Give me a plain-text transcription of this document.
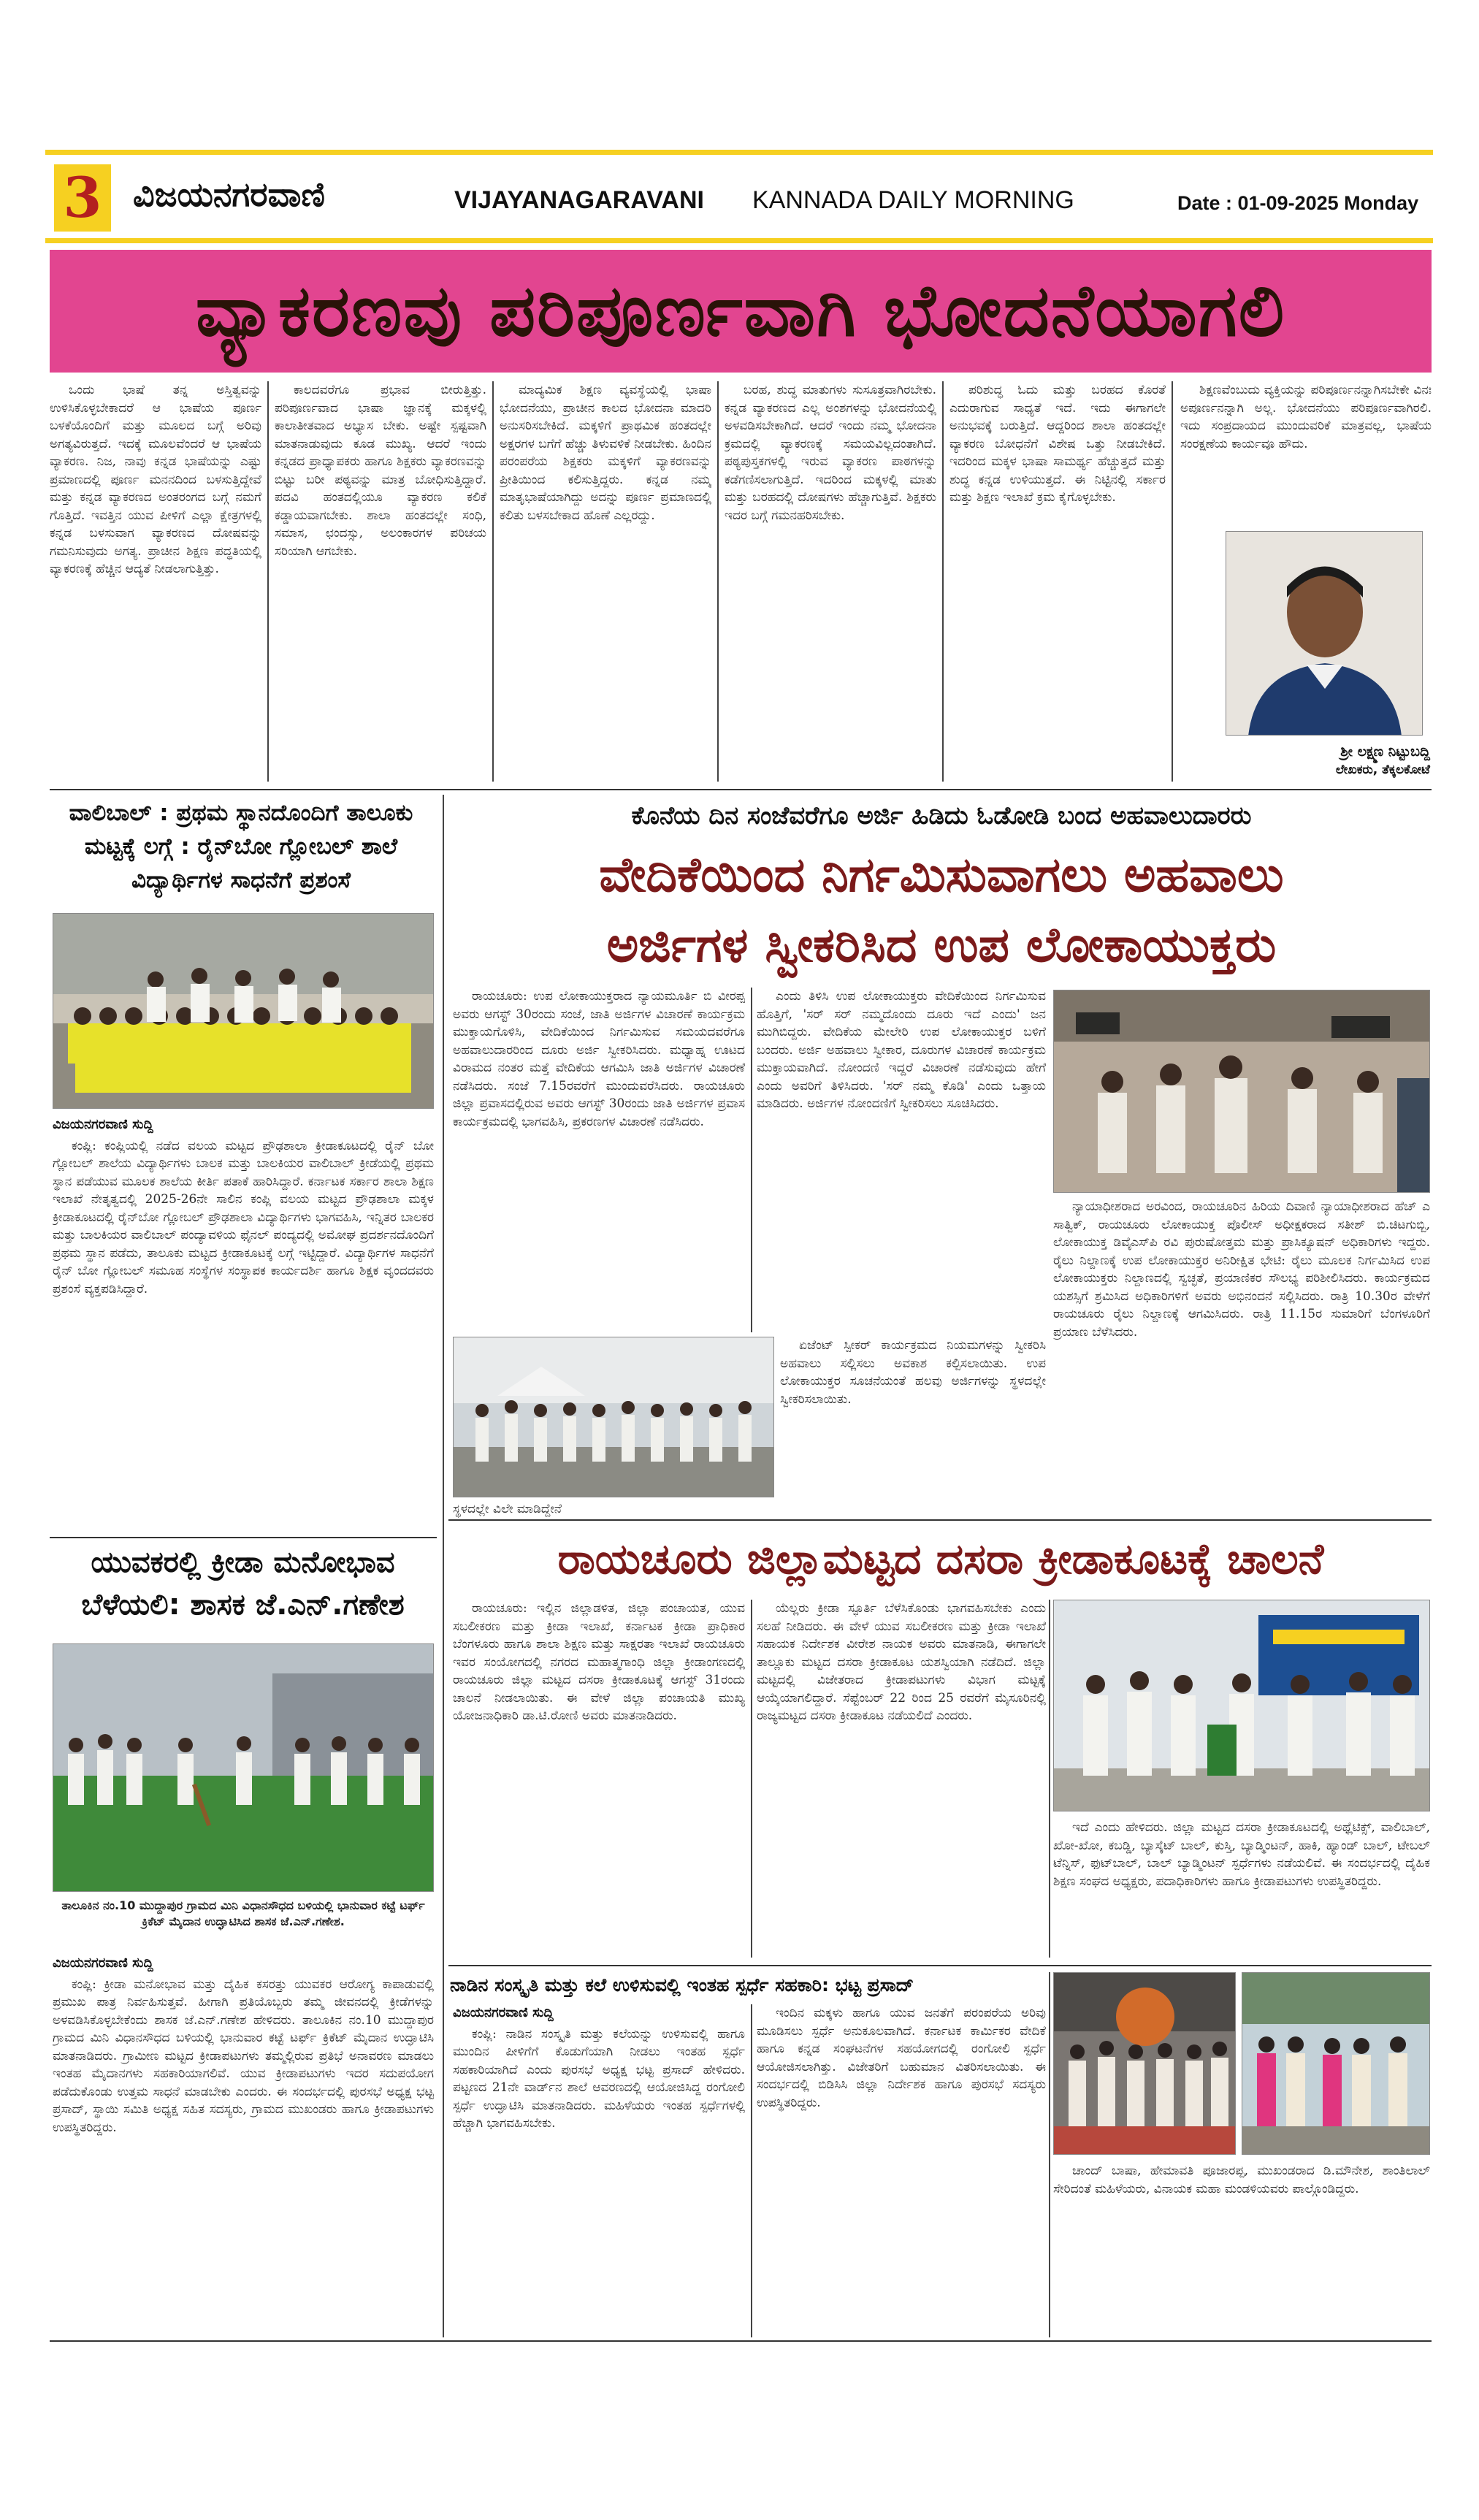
3 ವಿಜಯನಗರವಾಣಿ	VIJAYANAGARAVANI KANNADA DAILY MORNING	Date : 01-09-2025 Monday
ವ್ಯಾಕರಣವು ಪರಿಪೂರ್ಣವಾಗಿ ಭೋದನೆಯಾಗಲಿ

ಒಂದು ಭಾಷೆ ತನ್ನ ಅಸ್ತಿತ್ವವನ್ನು ಉಳಿಸಿಕೊಳ್ಳಬೇಕಾದರೆ ಆ ಭಾಷೆಯ ಪೂರ್ಣ ಬಳಕೆಯೊಂದಿಗೆ ಮತ್ತು ಮೂಲದ ಬಗ್ಗೆ ಅರಿವು ಅಗತ್ಯವಿರುತ್ತದೆ. ಇದಕ್ಕೆ ಮೂಲವೆಂದರೆ ಆ ಭಾಷೆಯ ವ್ಯಾಕರಣ. ನಿಜ, ನಾವು ಕನ್ನಡ ಭಾಷೆಯನ್ನು ಎಷ್ಟು ಪ್ರಮಾಣದಲ್ಲಿ ಪೂರ್ಣ ಮನನದಿಂದ ಬಳಸುತ್ತಿದ್ದೇವೆ ಮತ್ತು ಕನ್ನಡ ವ್ಯಾಕರಣದ ಅಂತರಂಗದ ಬಗ್ಗೆ ನಮಗೆ ಗೊತ್ತಿದೆ. ಇವತ್ತಿನ ಯುವ ಪೀಳಿಗೆ ಎಲ್ಲಾ ಕ್ಷೇತ್ರಗಳಲ್ಲಿ ಕನ್ನಡ ಬಳಸುವಾಗ ವ್ಯಾಕರಣದ ದೋಷವನ್ನು ಗಮನಿಸುವುದು ಅಗತ್ಯ. ಪ್ರಾಚೀನ ಶಿಕ್ಷಣ ಪದ್ಧತಿಯಲ್ಲಿ ವ್ಯಾಕರಣಕ್ಕೆ ಹೆಚ್ಚಿನ ಆದ್ಯತೆ ನೀಡಲಾಗುತ್ತಿತ್ತು.

ಕಾಲದವರೆಗೂ ಪ್ರಭಾವ ಬೀರುತ್ತಿತ್ತು. ಪರಿಪೂರ್ಣವಾದ ಭಾಷಾ ಜ್ಞಾನಕ್ಕೆ ಮಕ್ಕಳಲ್ಲಿ ಕಾಲಾತೀತವಾದ ಅಭ್ಯಾಸ ಬೇಕು. ಅಷ್ಟೇ ಸ್ಪಷ್ಟವಾಗಿ ಮಾತನಾಡುವುದು ಕೂಡ ಮುಖ್ಯ. ಆದರೆ ಇಂದು ಕನ್ನಡದ ಪ್ರಾಧ್ಯಾಪಕರು ಹಾಗೂ ಶಿಕ್ಷಕರು ವ್ಯಾಕರಣವನ್ನು ಬಿಟ್ಟು ಬರೀ ಪಠ್ಯವನ್ನು ಮಾತ್ರ ಬೋಧಿಸುತ್ತಿದ್ದಾರೆ. ಪದವಿ ಹಂತದಲ್ಲಿಯೂ ವ್ಯಾಕರಣ ಕಲಿಕೆ ಕಡ್ಡಾಯವಾಗಬೇಕು. ಶಾಲಾ ಹಂತದಲ್ಲೇ ಸಂಧಿ, ಸಮಾಸ, ಛಂದಸ್ಸು, ಅಲಂಕಾರಗಳ ಪರಿಚಯ ಸರಿಯಾಗಿ ಆಗಬೇಕು.

ಮಾದ್ಯಮಿಕ ಶಿಕ್ಷಣ ವ್ಯವಸ್ಥೆಯಲ್ಲಿ ಭಾಷಾ ಭೋದನೆಯು, ಪ್ರಾಚೀನ ಕಾಲದ ಭೋದನಾ ಮಾದರಿ ಅನುಸರಿಸಬೇಕಿದೆ. ಮಕ್ಕಳಿಗೆ ಪ್ರಾಥಮಿಕ ಹಂತದಲ್ಲೇ ಅಕ್ಷರಗಳ ಬಗೆಗೆ ಹೆಚ್ಚು ತಿಳುವಳಿಕೆ ನೀಡಬೇಕು. ಹಿಂದಿನ ಪರಂಪರೆಯ ಶಿಕ್ಷಕರು ಮಕ್ಕಳಿಗೆ ವ್ಯಾಕರಣವನ್ನು ಪ್ರೀತಿಯಿಂದ ಕಲಿಸುತ್ತಿದ್ದರು. ಕನ್ನಡ ನಮ್ಮ ಮಾತೃಭಾಷೆಯಾಗಿದ್ದು ಅದನ್ನು ಪೂರ್ಣ ಪ್ರಮಾಣದಲ್ಲಿ ಕಲಿತು ಬಳಸಬೇಕಾದ ಹೊಣೆ ಎಲ್ಲರದ್ದು.

ಬರಹ, ಶುದ್ಧ ಮಾತುಗಳು ಸುಸೂತ್ರವಾಗಿರಬೇಕು. ಕನ್ನಡ ವ್ಯಾಕರಣದ ಎಲ್ಲ ಅಂಶಗಳನ್ನು ಭೋದನೆಯಲ್ಲಿ ಅಳವಡಿಸಬೇಕಾಗಿದೆ. ಆದರೆ ಇಂದು ನಮ್ಮ ಭೋದನಾ ಕ್ರಮದಲ್ಲಿ ವ್ಯಾಕರಣಕ್ಕೆ ಸಮಯವಿಲ್ಲದಂತಾಗಿದೆ. ಪಠ್ಯಪುಸ್ತಕಗಳಲ್ಲಿ ಇರುವ ವ್ಯಾಕರಣ ಪಾಠಗಳನ್ನು ಕಡೆಗಣಿಸಲಾಗುತ್ತಿದೆ. ಇದರಿಂದ ಮಕ್ಕಳಲ್ಲಿ ಮಾತು ಮತ್ತು ಬರಹದಲ್ಲಿ ದೋಷಗಳು ಹೆಚ್ಚಾಗುತ್ತಿವೆ. ಶಿಕ್ಷಕರು ಇದರ ಬಗ್ಗೆ ಗಮನಹರಿಸಬೇಕು.

ಪರಿಶುದ್ಧ ಓದು ಮತ್ತು ಬರಹದ ಕೊರತೆ ಎದುರಾಗುವ ಸಾಧ್ಯತೆ ಇದೆ. ಇದು ಈಗಾಗಲೇ ಅನುಭವಕ್ಕೆ ಬರುತ್ತಿದೆ. ಆದ್ದರಿಂದ ಶಾಲಾ ಹಂತದಲ್ಲೇ ವ್ಯಾಕರಣ ಬೋಧನೆಗೆ ವಿಶೇಷ ಒತ್ತು ನೀಡಬೇಕಿದೆ. ಇದರಿಂದ ಮಕ್ಕಳ ಭಾಷಾ ಸಾಮರ್ಥ್ಯ ಹೆಚ್ಚುತ್ತದೆ ಮತ್ತು ಶುದ್ಧ ಕನ್ನಡ ಉಳಿಯುತ್ತದೆ. ಈ ನಿಟ್ಟಿನಲ್ಲಿ ಸರ್ಕಾರ ಮತ್ತು ಶಿಕ್ಷಣ ಇಲಾಖೆ ಕ್ರಮ ಕೈಗೊಳ್ಳಬೇಕು.

ಶಿಕ್ಷಣವೆಂಬುದು ವ್ಯಕ್ತಿಯನ್ನು ಪರಿಪೂರ್ಣನನ್ನಾಗಿಸಬೇಕೇ ವಿನಃ ಅಪೂರ್ಣನನ್ನಾಗಿ ಅಲ್ಲ. ಭೋದನೆಯು ಪರಿಪೂರ್ಣವಾಗಿರಲಿ. ಇದು ಸಂಪ್ರದಾಯದ ಮುಂದುವರಿಕೆ ಮಾತ್ರವಲ್ಲ, ಭಾಷೆಯ ಸಂರಕ್ಷಣೆಯ ಕಾರ್ಯವೂ ಹೌದು.

ಶ್ರೀ ಲಕ್ಷ್ಮಣ ನಿಟ್ಟುಬದ್ದಿ
ಲೇಖಕರು, ತೆಕ್ಕಲಕೋಟೆ
ವಾಲಿಬಾಲ್ : ಪ್ರಥಮ ಸ್ಥಾನದೊಂದಿಗೆ ತಾಲೂಕು ಮಟ್ಟಕ್ಕೆ ಲಗ್ಗೆ : ರೈನ್‌ಬೋ ಗ್ಲೋಬಲ್ ಶಾಲೆ ವಿದ್ಯಾರ್ಥಿಗಳ ಸಾಧನೆಗೆ ಪ್ರಶಂಸೆ
ವಿಜಯನಗರವಾಣಿ ಸುದ್ದಿ

ಕಂಪ್ಲಿ: ಕಂಪ್ಲಿಯಲ್ಲಿ ನಡೆದ ವಲಯ ಮಟ್ಟದ ಪ್ರೌಢಶಾಲಾ ಕ್ರೀಡಾಕೂಟದಲ್ಲಿ ರೈನ್ ಬೋ ಗ್ಲೋಬಲ್ ಶಾಲೆಯ ವಿದ್ಯಾರ್ಥಿಗಳು ಬಾಲಕ ಮತ್ತು ಬಾಲಕಿಯರ ವಾಲಿಬಾಲ್ ಕ್ರೀಡೆಯಲ್ಲಿ ಪ್ರಥಮ ಸ್ಥಾನ ಪಡೆಯುವ ಮೂಲಕ ಶಾಲೆಯ ಕೀರ್ತಿ ಪತಾಕೆ ಹಾರಿಸಿದ್ದಾರೆ. ಕರ್ನಾಟಕ ಸರ್ಕಾರ ಶಾಲಾ ಶಿಕ್ಷಣ ಇಲಾಖೆ ನೇತೃತ್ವದಲ್ಲಿ 2025-26ನೇ ಸಾಲಿನ ಕಂಪ್ಲಿ ವಲಯ ಮಟ್ಟದ ಪ್ರೌಢಶಾಲಾ ಮಕ್ಕಳ ಕ್ರೀಡಾಕೂಟದಲ್ಲಿ ರೈನ್‌ಬೋ ಗ್ಲೋಬಲ್ ಪ್ರೌಢಶಾಲಾ ವಿದ್ಯಾರ್ಥಿಗಳು ಭಾಗವಹಿಸಿ, ಇನ್ನಿತರ ಬಾಲಕರ ಮತ್ತು ಬಾಲಕಿಯರ ವಾಲಿಬಾಲ್ ಪಂದ್ಯಾವಳಿಯ ಫೈನಲ್ ಪಂದ್ಯದಲ್ಲಿ ಅಮೋಘ ಪ್ರದರ್ಶನದೊಂದಿಗೆ ಪ್ರಥಮ ಸ್ಥಾನ ಪಡೆದು, ತಾಲೂಕು ಮಟ್ಟದ ಕ್ರೀಡಾಕೂಟಕ್ಕೆ ಲಗ್ಗೆ ಇಟ್ಟಿದ್ದಾರೆ. ವಿದ್ಯಾರ್ಥಿಗಳ ಸಾಧನೆಗೆ ರೈನ್ ಬೋ ಗ್ಲೋಬಲ್ ಸಮೂಹ ಸಂಸ್ಥೆಗಳ ಸಂಸ್ಥಾಪಕ ಕಾರ್ಯದರ್ಶಿ ಹಾಗೂ ಶಿಕ್ಷಕ ವೃಂದದವರು ಪ್ರಶಂಸೆ ವ್ಯಕ್ತಪಡಿಸಿದ್ದಾರೆ.

ಯುವಕರಲ್ಲಿ ಕ್ರೀಡಾ ಮನೋಭಾವ ಬೆಳೆಯಲಿ: ಶಾಸಕ ಜೆ.ಎನ್.ಗಣೇಶ
ತಾಲೂಕಿನ ನಂ.10 ಮುದ್ದಾಪುರ ಗ್ರಾಮದ ಮಿನಿ ವಿಧಾನಸೌಧದ ಬಳಿಯಲ್ಲಿ ಭಾನುವಾರ ಕಟ್ಟೆ ಟರ್ಫ್ ಕ್ರಿಕೆಟ್ ಮೈದಾನ ಉದ್ಘಾಟಿಸಿದ ಶಾಸಕ ಜೆ.ಎನ್.ಗಣೇಶ.
ವಿಜಯನಗರವಾಣಿ ಸುದ್ದಿ

ಕಂಪ್ಲಿ: ಕ್ರೀಡಾ ಮನೋಭಾವ ಮತ್ತು ದೈಹಿಕ ಕಸರತ್ತು ಯುವಕರ ಆರೋಗ್ಯ ಕಾಪಾಡುವಲ್ಲಿ ಪ್ರಮುಖ ಪಾತ್ರ ನಿರ್ವಹಿಸುತ್ತವೆ. ಹೀಗಾಗಿ ಪ್ರತಿಯೊಬ್ಬರು ತಮ್ಮ ಜೀವನದಲ್ಲಿ ಕ್ರೀಡೆಗಳನ್ನು ಅಳವಡಿಸಿಕೊಳ್ಳಬೇಕೆಂದು ಶಾಸಕ ಜೆ.ಎನ್.ಗಣೇಶ ಹೇಳಿದರು. ತಾಲೂಕಿನ ನಂ.10 ಮುದ್ದಾಪುರ ಗ್ರಾಮದ ಮಿನಿ ವಿಧಾನಸೌಧದ ಬಳಿಯಲ್ಲಿ ಭಾನುವಾರ ಕಟ್ಟೆ ಟರ್ಫ್ ಕ್ರಿಕೆಟ್ ಮೈದಾನ ಉದ್ಘಾಟಿಸಿ ಮಾತನಾಡಿದರು. ಗ್ರಾಮೀಣ ಮಟ್ಟದ ಕ್ರೀಡಾಪಟುಗಳು ತಮ್ಮಲ್ಲಿರುವ ಪ್ರತಿಭೆ ಅನಾವರಣ ಮಾಡಲು ಇಂತಹ ಮೈದಾನಗಳು ಸಹಕಾರಿಯಾಗಲಿವೆ. ಯುವ ಕ್ರೀಡಾಪಟುಗಳು ಇದರ ಸದುಪಯೋಗ ಪಡೆದುಕೊಂಡು ಉತ್ತಮ ಸಾಧನೆ ಮಾಡಬೇಕು ಎಂದರು. ಈ ಸಂದರ್ಭದಲ್ಲಿ ಪುರಸಭೆ ಅಧ್ಯಕ್ಷ ಭಟ್ಟ ಪ್ರಸಾದ್, ಸ್ಥಾಯಿ ಸಮಿತಿ ಅಧ್ಯಕ್ಷ ಸಹಿತ ಸದಸ್ಯರು, ಗ್ರಾಮದ ಮುಖಂಡರು ಹಾಗೂ ಕ್ರೀಡಾಪಟುಗಳು ಉಪಸ್ಥಿತರಿದ್ದರು.

ಕೊನೆಯ ದಿನ ಸಂಜೆವರೆಗೂ ಅರ್ಜಿ ಹಿಡಿದು ಓಡೋಡಿ ಬಂದ ಅಹವಾಲುದಾರರು
ವೇದಿಕೆಯಿಂದ ನಿರ್ಗಮಿಸುವಾಗಲು ಅಹವಾಲು
ಅರ್ಜಿಗಳ ಸ್ವೀಕರಿಸಿದ ಉಪ ಲೋಕಾಯುಕ್ತರು

ರಾಯಚೂರು: ಉಪ ಲೋಕಾಯುಕ್ತರಾದ ನ್ಯಾಯಮೂರ್ತಿ ಬಿ ವೀರಪ್ಪ ಅವರು ಆಗಸ್ಟ್ 30ರಂದು ಸಂಜೆ, ಜಾತಿ ಅರ್ಜಿಗಳ ವಿಚಾರಣೆ ಕಾರ್ಯಕ್ರಮ ಮುಕ್ತಾಯಗೊಳಿಸಿ, ವೇದಿಕೆಯಿಂದ ನಿರ್ಗಮಿಸುವ ಸಮಯದವರೆಗೂ ಅಹವಾಲುದಾರರಿಂದ ದೂರು ಅರ್ಜಿ ಸ್ವೀಕರಿಸಿದರು. ಮಧ್ಯಾಹ್ನ ಊಟದ ವಿರಾಮದ ನಂತರ ಮತ್ತೆ ವೇದಿಕೆಯ ಆಗಮಿಸಿ ಜಾತಿ ಅರ್ಜಿಗಳ ವಿಚಾರಣೆ ನಡೆಸಿದರು. ಸಂಜೆ 7.15ರವರೆಗೆ ಮುಂದುವರೆಸಿದರು. ರಾಯಚೂರು ಜಿಲ್ಲಾ ಪ್ರವಾಸದಲ್ಲಿರುವ ಅವರು ಆಗಸ್ಟ್ 30ರಂದು ಜಾತಿ ಅರ್ಜಿಗಳ ಪ್ರವಾಸ ಕಾರ್ಯಕ್ರಮದಲ್ಲಿ ಭಾಗವಹಿಸಿ, ಪ್ರಕರಣಗಳ ವಿಚಾರಣೆ ನಡೆಸಿದರು.

ಎಂದು ತಿಳಿಸಿ ಉಪ ಲೋಕಾಯುಕ್ತರು ವೇದಿಕೆಯಿಂದ ನಿರ್ಗಮಿಸುವ ಹೊತ್ತಿಗೆ, 'ಸರ್ ಸರ್ ನಮ್ಮದೊಂದು ದೂರು ಇದೆ ಎಂದು' ಜನ ಮುಗಿಬಿದ್ದರು. ವೇದಿಕೆಯ ಮೇಲೇರಿ ಉಪ ಲೋಕಾಯುಕ್ತರ ಬಳಿಗೆ ಬಂದರು. ಅರ್ಜಿ ಅಹವಾಲು ಸ್ವೀಕಾರ, ದೂರುಗಳ ವಿಚಾರಣೆ ಕಾರ್ಯಕ್ರಮ ಮುಕ್ತಾಯವಾಗಿದೆ. ನೋಂದಣಿ ಇದ್ದರೆ ವಿಚಾರಣೆ ನಡೆಸುವುದು ಹೇಗೆ ಎಂದು ಅವರಿಗೆ ತಿಳಿಸಿದರು. 'ಸರ್ ನಮ್ಮ ಕೊಡಿ' ಎಂದು ಒತ್ತಾಯ ಮಾಡಿದರು. ಅರ್ಜಿಗಳ ನೋಂದಣಿಗೆ ಸ್ವೀಕರಿಸಲು ಸೂಚಿಸಿದರು.

ಏಜೆಂಟ್ ಸ್ಪೀಕರ್ ಕಾರ್ಯಕ್ರಮದ ನಿಯಮಗಳನ್ನು ಸ್ವೀಕರಿಸಿ ಅಹವಾಲು ಸಲ್ಲಿಸಲು ಅವಕಾಶ ಕಲ್ಪಿಸಲಾಯಿತು. ಉಪ ಲೋಕಾಯುಕ್ತರ ಸೂಚನೆಯಂತೆ ಹಲವು ಅರ್ಜಿಗಳನ್ನು ಸ್ಥಳದಲ್ಲೇ ಸ್ವೀಕರಿಸಲಾಯಿತು.

ಸ್ಥಳದಲ್ಲೇ ವಿಲೇ ಮಾಡಿದ್ದೇನೆ

ನ್ಯಾಯಾಧೀಶರಾದ ಅರವಿಂದ, ರಾಯಚೂರಿನ ಹಿರಿಯ ದಿವಾಣಿ ನ್ಯಾಯಾಧೀಶರಾದ ಹೆಚ್ ಎ ಸಾತ್ವಿಕ್, ರಾಯಚೂರು ಲೋಕಾಯುಕ್ತ ಪೊಲೀಸ್ ಅಧೀಕ್ಷಕರಾದ ಸತೀಶ್ ಬಿ.ಚಿಟಗುಬ್ಬಿ, ಲೋಕಾಯುಕ್ತ ಡಿವೈಎಸ್‌ಪಿ ರವಿ ಪುರುಷೋತ್ತಮ ಮತ್ತು ಪ್ರಾಸಿಕ್ಯೂಷನ್ ಅಧಿಕಾರಿಗಳು ಇದ್ದರು. ರೈಲು ನಿಲ್ದಾಣಕ್ಕೆ ಉಪ ಲೋಕಾಯುಕ್ತರ ಅನಿರೀಕ್ಷಿತ ಭೇಟಿ: ರೈಲು ಮೂಲಕ ನಿರ್ಗಮಿಸಿದ ಉಪ ಲೋಕಾಯುಕ್ತರು ನಿಲ್ದಾಣದಲ್ಲಿ ಸ್ವಚ್ಛತೆ, ಪ್ರಯಾಣಿಕರ ಸೌಲಭ್ಯ ಪರಿಶೀಲಿಸಿದರು. ಕಾರ್ಯಕ್ರಮದ ಯಶಸ್ಸಿಗೆ ಶ್ರಮಿಸಿದ ಅಧಿಕಾರಿಗಳಿಗೆ ಅವರು ಅಭಿನಂದನೆ ಸಲ್ಲಿಸಿದರು. ರಾತ್ರಿ 10.30ರ ವೇಳೆಗೆ ರಾಯಚೂರು ರೈಲು ನಿಲ್ದಾಣಕ್ಕೆ ಆಗಮಿಸಿದರು. ರಾತ್ರಿ 11.15ರ ಸುಮಾರಿಗೆ ಬೆಂಗಳೂರಿಗೆ ಪ್ರಯಾಣ ಬೆಳೆಸಿದರು.

ರಾಯಚೂರು ಜಿಲ್ಲಾಮಟ್ಟದ ದಸರಾ ಕ್ರೀಡಾಕೂಟಕ್ಕೆ ಚಾಲನೆ

ರಾಯಚೂರು: ಇಲ್ಲಿನ ಜಿಲ್ಲಾಡಳಿತ, ಜಿಲ್ಲಾ ಪಂಚಾಯತ, ಯುವ ಸಬಲೀಕರಣ ಮತ್ತು ಕ್ರೀಡಾ ಇಲಾಖೆ, ಕರ್ನಾಟಕ ಕ್ರೀಡಾ ಪ್ರಾಧಿಕಾರ ಬೆಂಗಳೂರು ಹಾಗೂ ಶಾಲಾ ಶಿಕ್ಷಣ ಮತ್ತು ಸಾಕ್ಷರತಾ ಇಲಾಖೆ ರಾಯಚೂರು ಇವರ ಸಂಯೋಗದಲ್ಲಿ ನಗರದ ಮಹಾತ್ಮಗಾಂಧಿ ಜಿಲ್ಲಾ ಕ್ರೀಡಾಂಗಣದಲ್ಲಿ ರಾಯಚೂರು ಜಿಲ್ಲಾ ಮಟ್ಟದ ದಸರಾ ಕ್ರೀಡಾಕೂಟಕ್ಕೆ ಆಗಸ್ಟ್ 31ರಂದು ಚಾಲನೆ ನೀಡಲಾಯಿತು. ಈ ವೇಳೆ ಜಿಲ್ಲಾ ಪಂಚಾಯತಿ ಮುಖ್ಯ ಯೋಜನಾಧಿಕಾರಿ ಡಾ.ಟಿ.ರೋಣಿ ಅವರು ಮಾತನಾಡಿದರು.

ಯೆಲ್ಲರು ಕ್ರೀಡಾ ಸ್ಫೂರ್ತಿ ಬೆಳೆಸಿಕೊಂಡು ಭಾಗವಹಿಸಬೇಕು ಎಂದು ಸಲಹೆ ನೀಡಿದರು. ಈ ವೇಳೆ ಯುವ ಸಬಲೀಕರಣ ಮತ್ತು ಕ್ರೀಡಾ ಇಲಾಖೆ ಸಹಾಯಕ ನಿರ್ದೇಶಕ ವೀರೇಶ ನಾಯಕ ಅವರು ಮಾತನಾಡಿ, ಈಗಾಗಲೇ ತಾಲ್ಲೂಕು ಮಟ್ಟದ ದಸರಾ ಕ್ರೀಡಾಕೂಟ ಯಶಸ್ವಿಯಾಗಿ ನಡೆದಿದೆ. ಜಿಲ್ಲಾ ಮಟ್ಟದಲ್ಲಿ ವಿಜೇತರಾದ ಕ್ರೀಡಾಪಟುಗಳು ವಿಭಾಗ ಮಟ್ಟಕ್ಕೆ ಆಯ್ಕೆಯಾಗಲಿದ್ದಾರೆ. ಸೆಪ್ಟೆಂಬರ್ 22 ರಿಂದ 25 ರವರೆಗೆ ಮೈಸೂರಿನಲ್ಲಿ ರಾಜ್ಯಮಟ್ಟದ ದಸರಾ ಕ್ರೀಡಾಕೂಟ ನಡೆಯಲಿದೆ ಎಂದರು.

ಇದೆ ಎಂದು ಹೇಳಿದರು. ಜಿಲ್ಲಾ ಮಟ್ಟದ ದಸರಾ ಕ್ರೀಡಾಕೂಟದಲ್ಲಿ ಅಥ್ಲೆಟಿಕ್ಸ್, ವಾಲಿಬಾಲ್, ಖೋ-ಖೋ, ಕಬಡ್ಡಿ, ಬ್ಯಾಸ್ಕೆಟ್ ಬಾಲ್, ಕುಸ್ತಿ, ಬ್ಯಾಡ್ಮಿಂಟನ್, ಹಾಕಿ, ಹ್ಯಾಂಡ್ ಬಾಲ್, ಟೇಬಲ್ ಟೆನ್ನಿಸ್, ಫುಟ್‌ಬಾಲ್, ಬಾಲ್ ಬ್ಯಾಡ್ಮಿಂಟನ್ ಸ್ಪರ್ಧೆಗಳು ನಡೆಯಲಿವೆ. ಈ ಸಂದರ್ಭದಲ್ಲಿ ದೈಹಿಕ ಶಿಕ್ಷಣ ಸಂಘದ ಅಧ್ಯಕ್ಷರು, ಪದಾಧಿಕಾರಿಗಳು ಹಾಗೂ ಕ್ರೀಡಾಪಟುಗಳು ಉಪಸ್ಥಿತರಿದ್ದರು.

ನಾಡಿನ ಸಂಸ್ಕೃತಿ ಮತ್ತು ಕಲೆ ಉಳಿಸುವಲ್ಲಿ ಇಂತಹ ಸ್ಪರ್ಧೆ ಸಹಕಾರಿ: ಭಟ್ಟ ಪ್ರಸಾದ್
ವಿಜಯನಗರವಾಣಿ ಸುದ್ದಿ

ಕಂಪ್ಲಿ: ನಾಡಿನ ಸಂಸ್ಕೃತಿ ಮತ್ತು ಕಲೆಯನ್ನು ಉಳಿಸುವಲ್ಲಿ ಹಾಗೂ ಮುಂದಿನ ಪೀಳಿಗೆಗೆ ಕೊಡುಗೆಯಾಗಿ ನೀಡಲು ಇಂತಹ ಸ್ಪರ್ಧೆ ಸಹಕಾರಿಯಾಗಿದೆ ಎಂದು ಪುರಸಭೆ ಅಧ್ಯಕ್ಷ ಭಟ್ಟ ಪ್ರಸಾದ್ ಹೇಳಿದರು. ಪಟ್ಟಣದ 21ನೇ ವಾರ್ಡ್‌ನ ಶಾಲೆ ಆವರಣದಲ್ಲಿ ಆಯೋಜಿಸಿದ್ದ ರಂಗೋಲಿ ಸ್ಪರ್ಧೆ ಉದ್ಘಾಟಿಸಿ ಮಾತನಾಡಿದರು. ಮಹಿಳೆಯರು ಇಂತಹ ಸ್ಪರ್ಧೆಗಳಲ್ಲಿ ಹೆಚ್ಚಾಗಿ ಭಾಗವಹಿಸಬೇಕು.

ಇಂದಿನ ಮಕ್ಕಳು ಹಾಗೂ ಯುವ ಜನತೆಗೆ ಪರಂಪರೆಯ ಅರಿವು ಮೂಡಿಸಲು ಸ್ಪರ್ಧೆ ಅನುಕೂಲವಾಗಿದೆ. ಕರ್ನಾಟಕ ಕಾರ್ಮಿಕರ ವೇದಿಕೆ ಹಾಗೂ ಕನ್ನಡ ಸಂಘಟನೆಗಳ ಸಹಯೋಗದಲ್ಲಿ ರಂಗೋಲಿ ಸ್ಪರ್ಧೆ ಆಯೋಜಿಸಲಾಗಿತ್ತು. ವಿಜೇತರಿಗೆ ಬಹುಮಾನ ವಿತರಿಸಲಾಯಿತು. ಈ ಸಂದರ್ಭದಲ್ಲಿ ಬಿಡಿಸಿಸಿ ಜಿಲ್ಲಾ ನಿರ್ದೇಶಕ ಹಾಗೂ ಪುರಸಭೆ ಸದಸ್ಯರು ಉಪಸ್ಥಿತರಿದ್ದರು.

ಚಾಂದ್ ಬಾಷಾ, ಹೇಮಾವತಿ ಪೂಜಾರಪ್ಪ, ಮುಖಂಡರಾದ ಡಿ.ಮೌನೇಶ, ಶಾಂತಿಲಾಲ್ ಸೇರಿದಂತೆ ಮಹಿಳೆಯರು, ವಿನಾಯಕ ಮಹಾ ಮಂಡಳಿಯವರು ಪಾಲ್ಗೊಂಡಿದ್ದರು.
